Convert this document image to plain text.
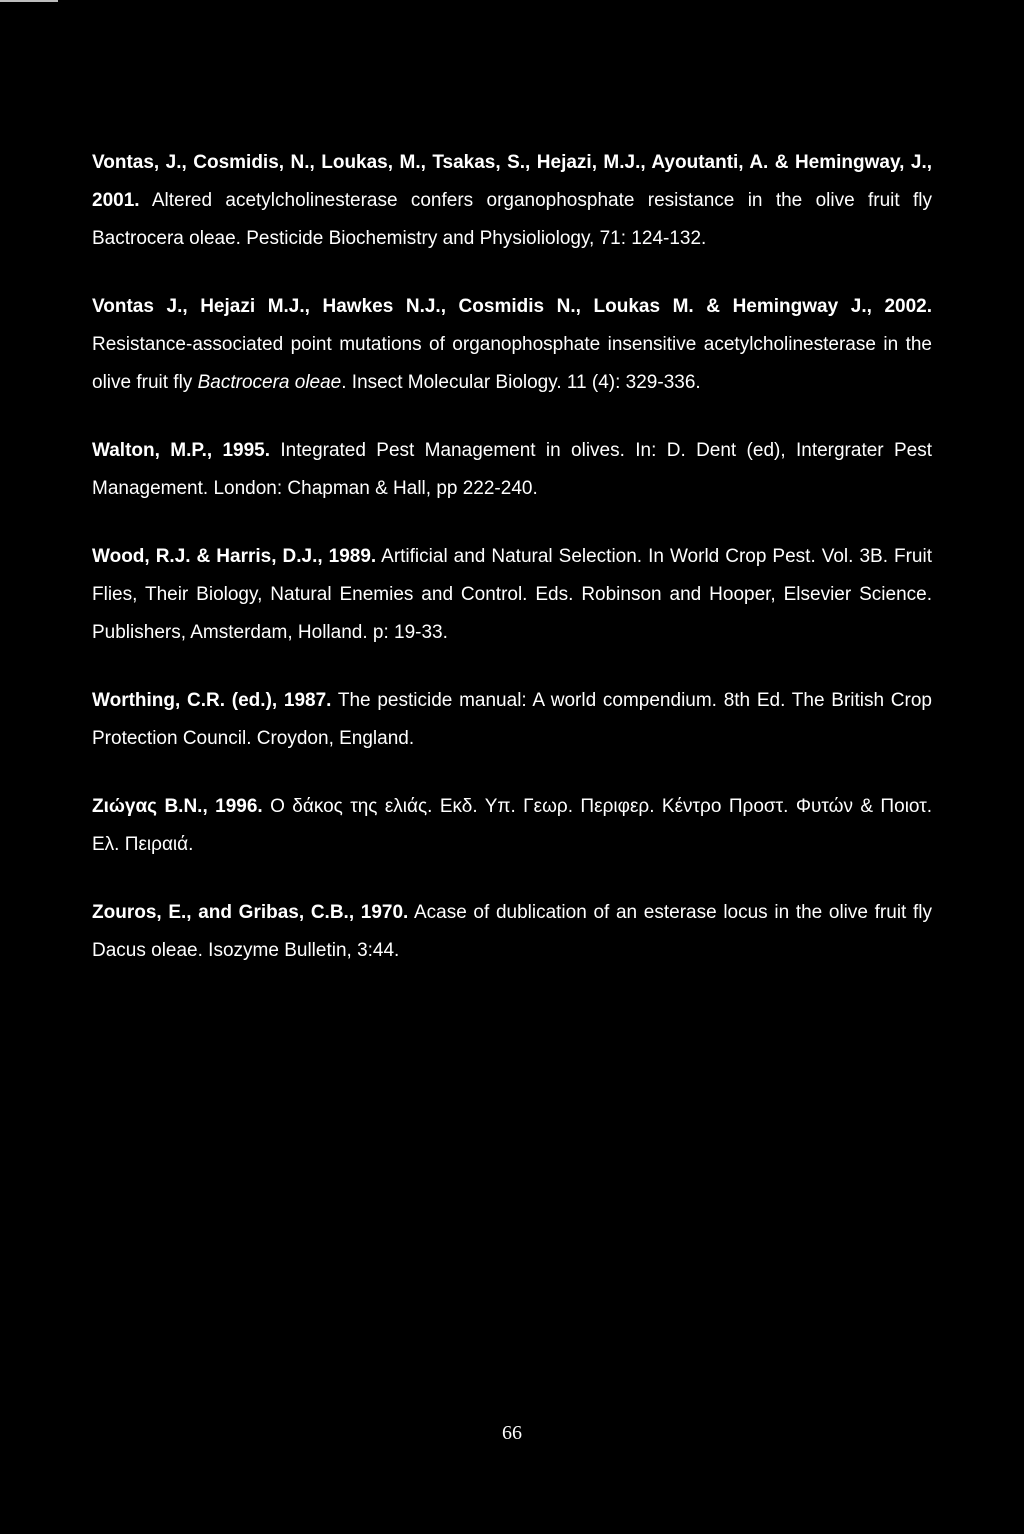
Vontas, J., Cosmidis, N., Loukas, M., Tsakas, S., Hejazi, M.J., Ayoutanti, A. & Hemingway, J., 2001. Altered acetylcholinesterase confers organophosphate resistance in the olive fruit fly Bactrocera oleae. Pesticide Biochemistry and Physioliology, 71: 124-132.

Vontas J., Hejazi M.J., Hawkes N.J., Cosmidis N., Loukas M. & Hemingway J., 2002. Resistance-associated point mutations of organophosphate insensitive acetylcholinesterase in the olive fruit fly Bactrocera oleae. Insect Molecular Biology. 11 (4): 329-336.

Walton, M.P., 1995. Integrated Pest Management in olives. In: D. Dent (ed), Intergrater Pest Management. London: Chapman & Hall, pp 222-240.

Wood, R.J. & Harris, D.J., 1989. Artificial and Natural Selection. In World Crop Pest. Vol. 3B. Fruit Flies, Their Biology, Natural Enemies and Control. Eds. Robinson and Hooper, Elsevier Science. Publishers, Amsterdam, Holland. p: 19-33.

Worthing, C.R. (ed.), 1987. The pesticide manual: A world compendium. 8th Ed. The British Crop Protection Council. Croydon, England.

Ζιώγας Β.Ν., 1996. Ο δάκος της ελιάς. Εκδ. Υπ. Γεωρ. Περιφερ. Κέντρο Προστ. Φυτών & Ποιοτ. Ελ. Πειραιά.

Zouros, E., and Gribas, C.B., 1970. Acase of dublication of an esterase locus in the olive fruit fly Dacus oleae. Isozyme Bulletin, 3:44.

66
